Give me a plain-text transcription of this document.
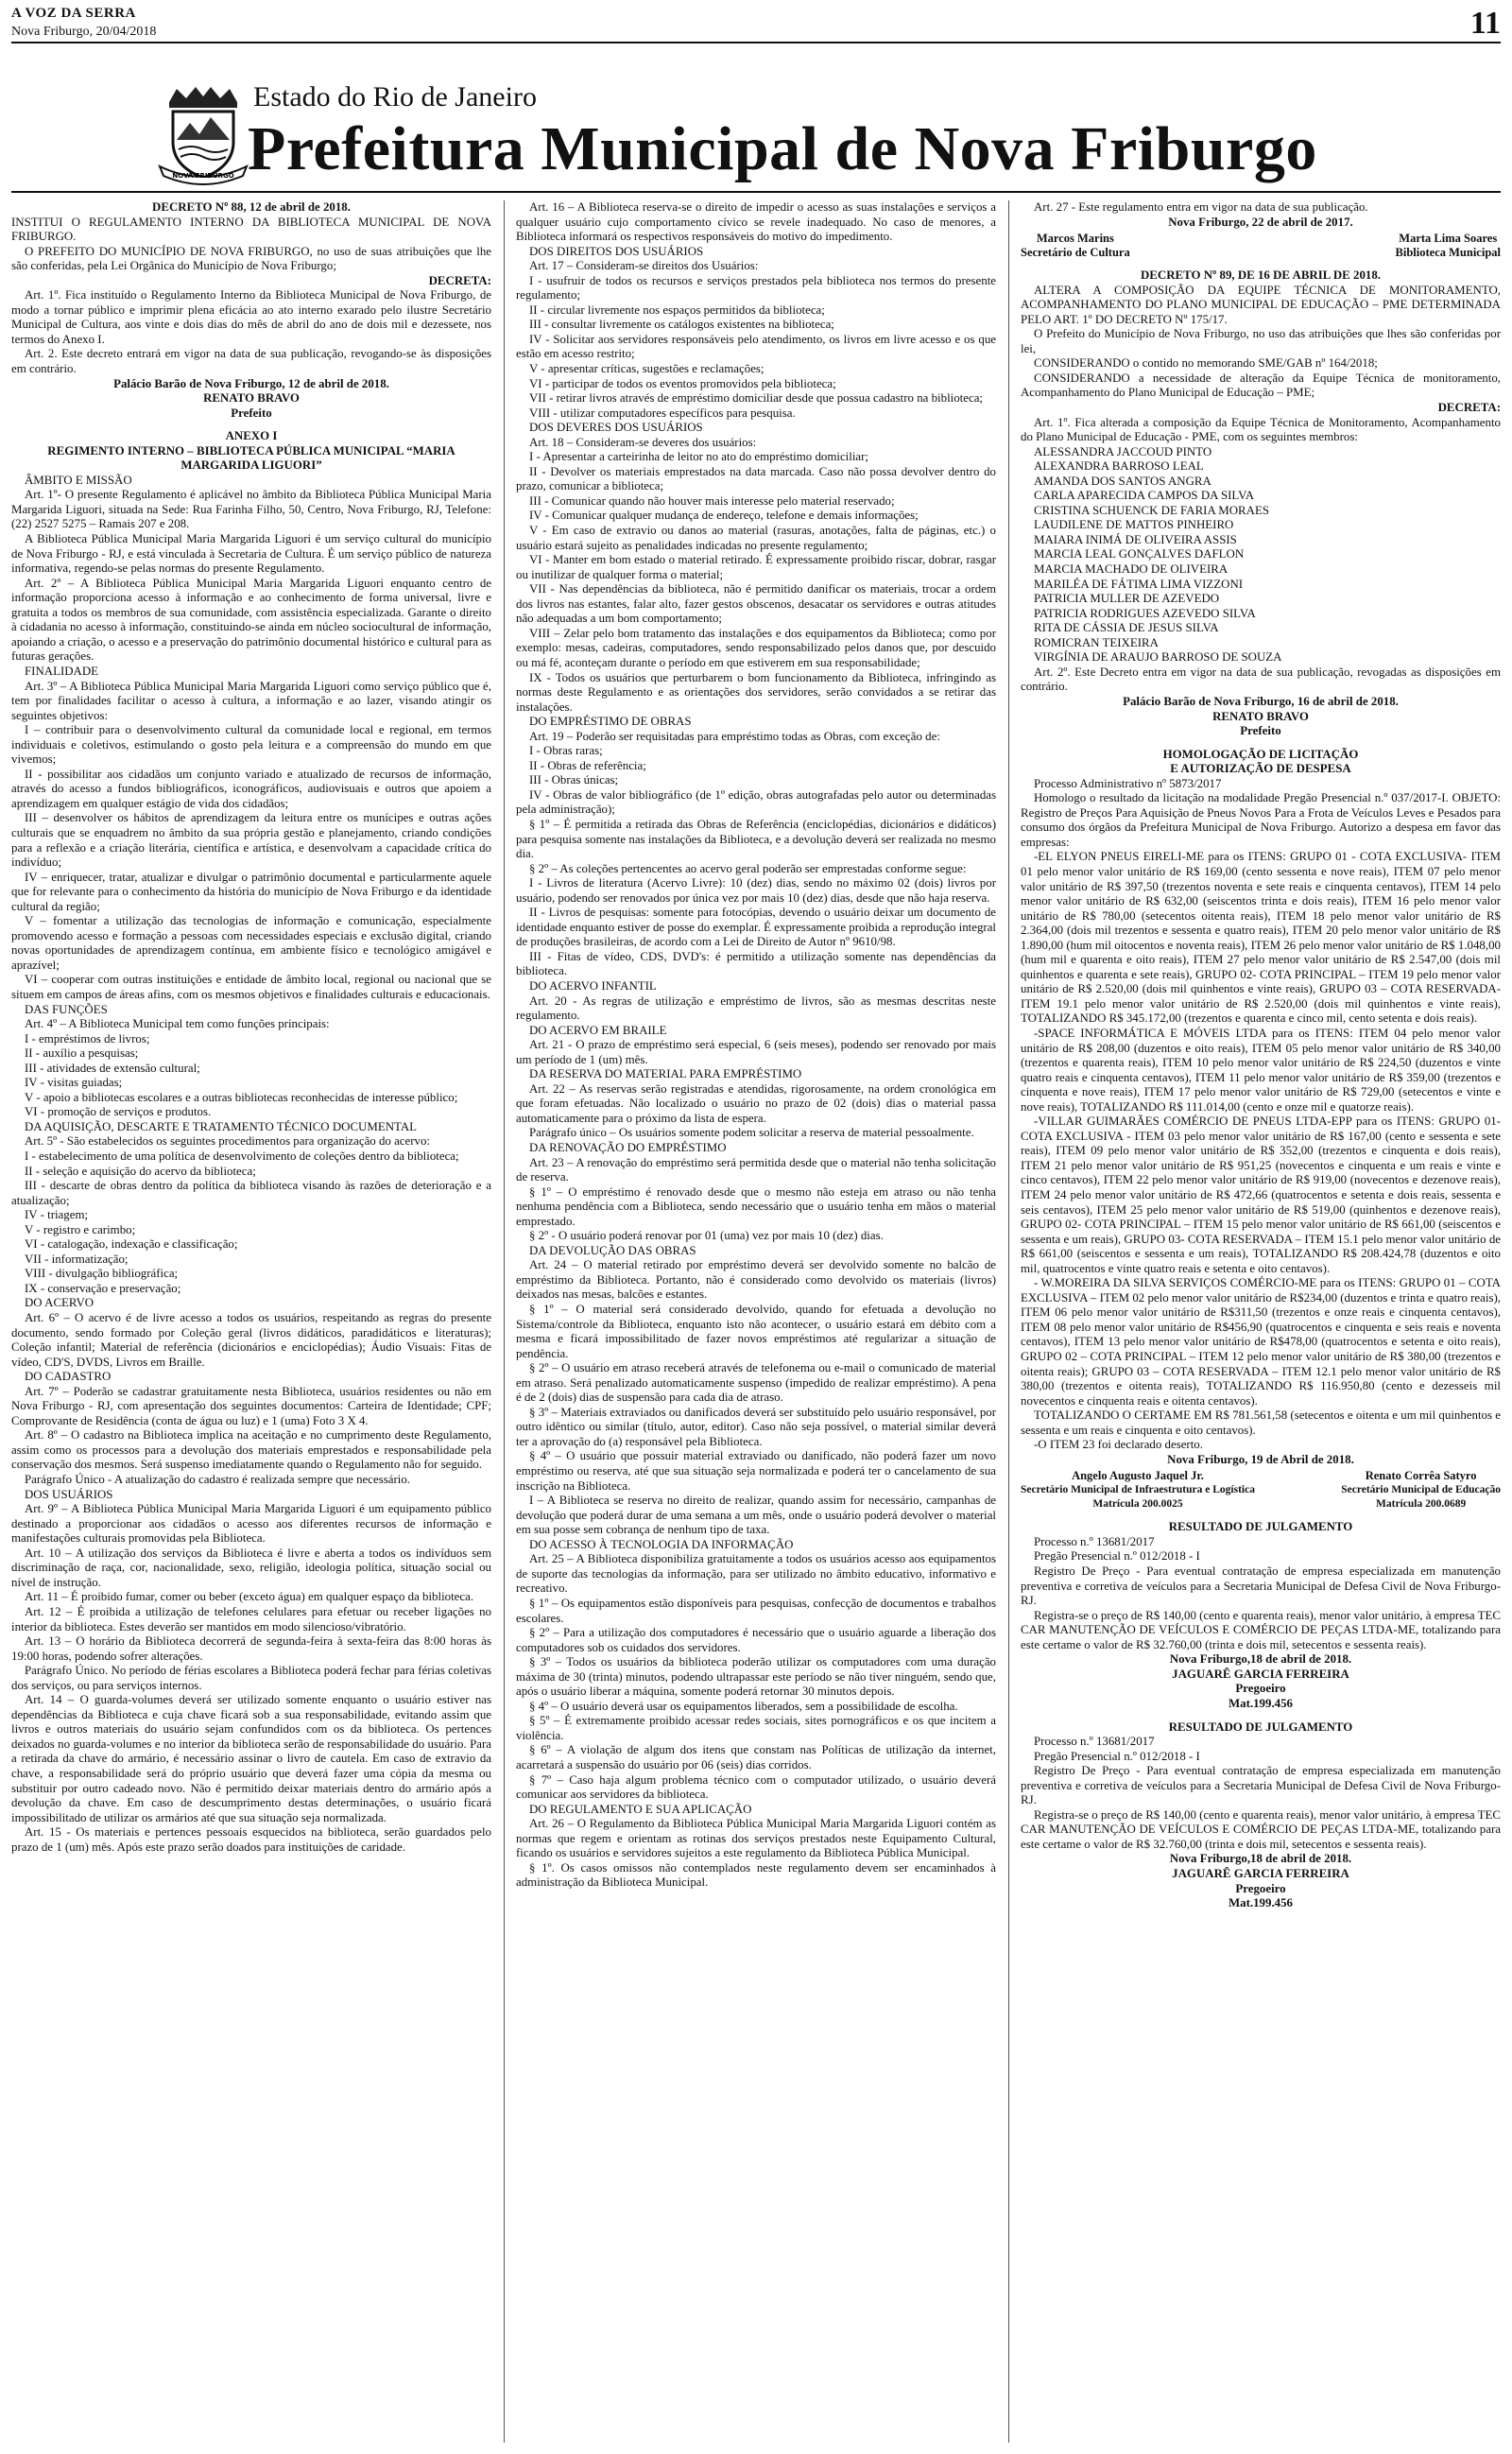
A VOZ DA SERRA
Nova Friburgo, 20/04/2018	11
NOVA FRIBURGO
Estado do Rio de Janeiro
Prefeitura Municipal de Nova Friburgo

DECRETO Nº 88, 12 de abril de 2018.

INSTITUI O REGULAMENTO INTERNO DA BIBLIOTECA MUNICIPAL DE NOVA FRIBURGO.

O PREFEITO DO MUNICÍPIO DE NOVA FRIBURGO, no uso de suas atribuições que lhe são conferidas, pela Lei Orgânica do Município de Nova Friburgo;

DECRETA:

Art. 1º. Fica instituído o Regulamento Interno da Biblioteca Municipal de Nova Friburgo, de modo a tornar público e imprimir plena eficácia ao ato interno exarado pelo ilustre Secretário Municipal de Cultura, aos vinte e dois dias do mês de abril do ano de dois mil e dezessete, nos termos do Anexo I.

Art. 2. Este decreto entrará em vigor na data de sua publicação, revogando-se às disposições em contrário.

Palácio Barão de Nova Friburgo, 12 de abril de 2018.

RENATO BRAVO

Prefeito

ANEXO I

REGIMENTO INTERNO – BIBLIOTECA PÚBLICA MUNICIPAL “MARIA MARGARIDA LIGUORI”

ÂMBITO E MISSÃO

Art. 1º- O presente Regulamento é aplicável no âmbito da Biblioteca Pública Municipal Maria Margarida Liguori, situada na Sede: Rua Farinha Filho, 50, Centro, Nova Friburgo, RJ, Telefone: (22) 2527 5275 – Ramais 207 e 208.

A Biblioteca Pública Municipal Maria Margarida Liguori é um serviço cultural do município de Nova Friburgo - RJ, e está vinculada à Secretaria de Cultura. É um serviço público de natureza informativa, regendo-se pelas normas do presente Regulamento.

Art. 2º – A Biblioteca Pública Municipal Maria Margarida Liguori enquanto centro de informação proporciona acesso à informação e ao conhecimento de forma universal, livre e gratuita a todos os membros de sua comunidade, com assistência especializada. Garante o direito à cidadania no acesso à informação, constituindo-se ainda em núcleo sociocultural de informação, apoiando a criação, o acesso e a preservação do patrimônio documental histórico e cultural para as futuras gerações.

FINALIDADE

Art. 3º – A Biblioteca Pública Municipal Maria Margarida Liguori como serviço público que é, tem por finalidades facilitar o acesso à cultura, a informação e ao lazer, visando atingir os seguintes objetivos:

I – contribuir para o desenvolvimento cultural da comunidade local e regional, em termos individuais e coletivos, estimulando o gosto pela leitura e a compreensão do mundo em que vivemos;

II - possibilitar aos cidadãos um conjunto variado e atualizado de recursos de informação, através do acesso a fundos bibliográficos, iconográficos, audiovisuais e outros que apoiem a aprendizagem em qualquer estágio de vida dos cidadãos;

III – desenvolver os hábitos de aprendizagem da leitura entre os munícipes e outras ações culturais que se enquadrem no âmbito da sua própria gestão e planejamento, criando condições para a reflexão e a criação literária, científica e artística, e desenvolvam a capacidade crítica do indivíduo;

IV – enriquecer, tratar, atualizar e divulgar o patrimônio documental e particularmente aquele que for relevante para o conhecimento da história do município de Nova Friburgo e da identidade cultural da região;

V – fomentar a utilização das tecnologias de informação e comunicação, especialmente promovendo acesso e formação a pessoas com necessidades especiais e exclusão digital, criando novas oportunidades de aprendizagem contínua, em ambiente físico e tecnológico amigável e aprazível;

VI – cooperar com outras instituições e entidade de âmbito local, regional ou nacional que se situem em campos de áreas afins, com os mesmos objetivos e finalidades culturais e educacionais.

DAS FUNÇÕES

Art. 4º – A Biblioteca Municipal tem como funções principais:

I - empréstimos de livros;

II - auxílio a pesquisas;

III - atividades de extensão cultural;

IV - visitas guiadas;

V - apoio a bibliotecas escolares e a outras bibliotecas reconhecidas de interesse público;

VI - promoção de serviços e produtos.

DA AQUISIÇÃO, DESCARTE E TRATAMENTO TÉCNICO DOCUMENTAL

Art. 5º - São estabelecidos os seguintes procedimentos para organização do acervo:

I - estabelecimento de uma política de desenvolvimento de coleções dentro da biblioteca;

II - seleção e aquisição do acervo da biblioteca;

III - descarte de obras dentro da política da biblioteca visando às razões de deterioração e a atualização;

IV - triagem;

V - registro e carimbo;

VI - catalogação, indexação e classificação;

VII - informatização;

VIII - divulgação bibliográfica;

IX - conservação e preservação;

DO ACERVO

Art. 6º – O acervo é de livre acesso a todos os usuários, respeitando as regras do presente documento, sendo formado por Coleção geral (livros didáticos, paradidáticos e literaturas); Coleção infantil; Material de referência (dicionários e enciclopédias); Áudio Visuais: Fitas de vídeo, CD'S, DVDS, Livros em Braille.

DO CADASTRO

Art. 7º – Poderão se cadastrar gratuitamente nesta Biblioteca, usuários residentes ou não em Nova Friburgo - RJ, com apresentação dos seguintes documentos: Carteira de Identidade; CPF; Comprovante de Residência (conta de água ou luz) e 1 (uma) Foto 3 X 4.

Art. 8º – O cadastro na Biblioteca implica na aceitação e no cumprimento deste Regulamento, assim como os processos para a devolução dos materiais emprestados e responsabilidade pela conservação dos mesmos. Será suspenso imediatamente quando o Regulamento não for seguido.

Parágrafo Único - A atualização do cadastro é realizada sempre que necessário.

DOS USUÁRIOS

Art. 9º – A Biblioteca Pública Municipal Maria Margarida Liguori é um equipamento público destinado a proporcionar aos cidadãos o acesso aos diferentes recursos de informação e manifestações culturais promovidas pela Biblioteca.

Art. 10 – A utilização dos serviços da Biblioteca é livre e aberta a todos os indivíduos sem discriminação de raça, cor, nacionalidade, sexo, religião, ideologia política, situação social ou nível de instrução.

Art. 11 – É proibido fumar, comer ou beber (exceto água) em qualquer espaço da biblioteca.

Art. 12 – É proibida a utilização de telefones celulares para efetuar ou receber ligações no interior da biblioteca. Estes deverão ser mantidos em modo silencioso/vibratório.

Art. 13 – O horário da Biblioteca decorrerá de segunda-feira à sexta-feira das 8:00 horas às 19:00 horas, podendo sofrer alterações.

Parágrafo Único. No período de férias escolares a Biblioteca poderá fechar para férias coletivas dos serviços, ou para serviços internos.

Art. 14 – O guarda-volumes deverá ser utilizado somente enquanto o usuário estiver nas dependências da Biblioteca e cuja chave ficará sob a sua responsabilidade, evitando assim que livros e outros materiais do usuário sejam confundidos com os da biblioteca. Os pertences deixados no guarda-volumes e no interior da biblioteca serão de responsabilidade do usuário. Para a retirada da chave do armário, é necessário assinar o livro de cautela. Em caso de extravio da chave, a responsabilidade será do próprio usuário que deverá fazer uma cópia da mesma ou substituir por outro cadeado novo. Não é permitido deixar materiais dentro do armário após a devolução da chave. Em caso de descumprimento destas determinações, o usuário ficará impossibilitado de utilizar os armários até que sua situação seja normalizada.

Art. 15 - Os materiais e pertences pessoais esquecidos na biblioteca, serão guardados pelo prazo de 1 (um) mês. Após este prazo serão doados para instituições de caridade.

Art. 16 – A Biblioteca reserva-se o direito de impedir o acesso as suas instalações e serviços a qualquer usuário cujo comportamento cívico se revele inadequado. No caso de menores, a Biblioteca informará os respectivos responsáveis do motivo do impedimento.

DOS DIREITOS DOS USUÁRIOS

Art. 17 – Consideram-se direitos dos Usuários:

I - usufruir de todos os recursos e serviços prestados pela biblioteca nos termos do presente regulamento;

II - circular livremente nos espaços permitidos da biblioteca;

III - consultar livremente os catálogos existentes na biblioteca;

IV - Solicitar aos servidores responsáveis pelo atendimento, os livros em livre acesso e os que estão em acesso restrito;

V - apresentar críticas, sugestões e reclamações;

VI - participar de todos os eventos promovidos pela biblioteca;

VII - retirar livros através de empréstimo domiciliar desde que possua cadastro na biblioteca;

VIII - utilizar computadores específicos para pesquisa.

DOS DEVERES DOS USUÁRIOS

Art. 18 – Consideram-se deveres dos usuários:

I - Apresentar a carteirinha de leitor no ato do empréstimo domiciliar;

II - Devolver os materiais emprestados na data marcada. Caso não possa devolver dentro do prazo, comunicar a biblioteca;

III - Comunicar quando não houver mais interesse pelo material reservado;

IV - Comunicar qualquer mudança de endereço, telefone e demais informações;

V - Em caso de extravio ou danos ao material (rasuras, anotações, falta de páginas, etc.) o usuário estará sujeito as penalidades indicadas no presente regulamento;

VI - Manter em bom estado o material retirado. É expressamente proibido riscar, dobrar, rasgar ou inutilizar de qualquer forma o material;

VII - Nas dependências da biblioteca, não é permitido danificar os materiais, trocar a ordem dos livros nas estantes, falar alto, fazer gestos obscenos, desacatar os servidores e outras atitudes não adequadas a um bom comportamento;

VIII – Zelar pelo bom tratamento das instalações e dos equipamentos da Biblioteca; como por exemplo: mesas, cadeiras, computadores, sendo responsabilizado pelos danos que, por descuido ou má fé, aconteçam durante o período em que estiverem em sua responsabilidade;

IX - Todos os usuários que perturbarem o bom funcionamento da Biblioteca, infringindo as normas deste Regulamento e as orientações dos servidores, serão convidados a se retirar das instalações.

DO EMPRÉSTIMO DE OBRAS

Art. 19 – Poderão ser requisitadas para empréstimo todas as Obras, com exceção de:

I - Obras raras;

II - Obras de referência;

III - Obras únicas;

IV - Obras de valor bibliográfico (de 1º edição, obras autografadas pelo autor ou determinadas pela administração);

§ 1º – É permitida a retirada das Obras de Referência (enciclopédias, dicionários e didáticos) para pesquisa somente nas instalações da Biblioteca, e a devolução deverá ser realizada no mesmo dia.

§ 2º – As coleções pertencentes ao acervo geral poderão ser emprestadas conforme segue:

I - Livros de literatura (Acervo Livre): 10 (dez) dias, sendo no máximo 02 (dois) livros por usuário, podendo ser renovados por única vez por mais 10 (dez) dias, desde que não haja reserva.

II - Livros de pesquisas: somente para fotocópias, devendo o usuário deixar um documento de identidade enquanto estiver de posse do exemplar. É expressamente proibida a reprodução integral de produções brasileiras, de acordo com a Lei de Direito de Autor nº 9610/98.

III - Fitas de vídeo, CDS, DVD's: é permitido a utilização somente nas dependências da biblioteca.

DO ACERVO INFANTIL

Art. 20 - As regras de utilização e empréstimo de livros, são as mesmas descritas neste regulamento.

DO ACERVO EM BRAILE

Art. 21 - O prazo de empréstimo será especial, 6 (seis meses), podendo ser renovado por mais um período de 1 (um) mês.

DA RESERVA DO MATERIAL PARA EMPRÉSTIMO

Art. 22 – As reservas serão registradas e atendidas, rigorosamente, na ordem cronológica em que foram efetuadas. Não localizado o usuário no prazo de 02 (dois) dias o material passa automaticamente para o próximo da lista de espera.

Parágrafo único – Os usuários somente podem solicitar a reserva de material pessoalmente.

DA RENOVAÇÃO DO EMPRÉSTIMO

Art. 23 – A renovação do empréstimo será permitida desde que o material não tenha solicitação de reserva.

§ 1º – O empréstimo é renovado desde que o mesmo não esteja em atraso ou não tenha nenhuma pendência com a Biblioteca, sendo necessário que o usuário tenha em mãos o material emprestado.

§ 2º - O usuário poderá renovar por 01 (uma) vez por mais 10 (dez) dias.

DA DEVOLUÇÃO DAS OBRAS

Art. 24 – O material retirado por empréstimo deverá ser devolvido somente no balcão de empréstimo da Biblioteca. Portanto, não é considerado como devolvido os materiais (livros) deixados nas mesas, balcões e estantes.

§ 1º – O material será considerado devolvido, quando for efetuada a devolução no Sistema/controle da Biblioteca, enquanto isto não acontecer, o usuário estará em débito com a mesma e ficará impossibilitado de fazer novos empréstimos até regularizar a situação de pendência.

§ 2º – O usuário em atraso receberá através de telefonema ou e-mail o comunicado de material em atraso. Será penalizado automaticamente suspenso (impedido de realizar empréstimo). A pena é de 2 (dois) dias de suspensão para cada dia de atraso.

§ 3º – Materiais extraviados ou danificados deverá ser substituído pelo usuário responsável, por outro idêntico ou similar (título, autor, editor). Caso não seja possível, o material similar deverá ter a aprovação do (a) responsável pela Biblioteca.

§ 4º – O usuário que possuir material extraviado ou danificado, não poderá fazer um novo empréstimo ou reserva, até que sua situação seja normalizada e poderá ter o cancelamento de sua inscrição na Biblioteca.

I – A Biblioteca se reserva no direito de realizar, quando assim for necessário, campanhas de devolução que poderá durar de uma semana a um mês, onde o usuário poderá devolver o material em sua posse sem cobrança de nenhum tipo de taxa.

DO ACESSO À TECNOLOGIA DA INFORMAÇÃO

Art. 25 – A Biblioteca disponibiliza gratuitamente a todos os usuários acesso aos equipamentos de suporte das tecnologias da informação, para ser utilizado no âmbito educativo, informativo e recreativo.

§ 1º – Os equipamentos estão disponíveis para pesquisas, confecção de documentos e trabalhos escolares.

§ 2º – Para a utilização dos computadores é necessário que o usuário aguarde a liberação dos computadores sob os cuidados dos servidores.

§ 3º – Todos os usuários da biblioteca poderão utilizar os computadores com uma duração máxima de 30 (trinta) minutos, podendo ultrapassar este período se não tiver ninguém, sendo que, após o usuário liberar a máquina, somente poderá retornar 30 minutos depois.

§ 4º – O usuário deverá usar os equipamentos liberados, sem a possibilidade de escolha.

§ 5º – É extremamente proibido acessar redes sociais, sites pornográficos e os que incitem a violência.

§ 6º – A violação de algum dos itens que constam nas Políticas de utilização da internet, acarretará a suspensão do usuário por 06 (seis) dias corridos.

§ 7º – Caso haja algum problema técnico com o computador utilizado, o usuário deverá comunicar aos servidores da biblioteca.

DO REGULAMENTO E SUA APLICAÇÃO

Art. 26 – O Regulamento da Biblioteca Pública Municipal Maria Margarida Liguori contém as normas que regem e orientam as rotinas dos serviços prestados neste Equipamento Cultural, ficando os usuários e servidores sujeitos a este regulamento da Biblioteca Pública Municipal.

§ 1º. Os casos omissos não contemplados neste regulamento devem ser encaminhados à administração da Biblioteca Municipal.

Art. 27 - Este regulamento entra em vigor na data de sua publicação.

Nova Friburgo, 22 de abril de 2017.

Marcos Marins

Secretário de Cultura

Marta Lima Soares

Biblioteca Municipal

DECRETO Nº 89, DE 16 DE ABRIL DE 2018.

ALTERA A COMPOSIÇÃO DA EQUIPE TÉCNICA DE MONITORAMENTO, ACOMPANHAMENTO DO PLANO MUNICIPAL DE EDUCAÇÃO – PME DETERMINADA PELO ART. 1º DO DECRETO Nº 175/17.

O Prefeito do Município de Nova Friburgo, no uso das atribuições que lhes são conferidas por lei,

CONSIDERANDO o contido no memorando SME/GAB nº 164/2018;

CONSIDERANDO a necessidade de alteração da Equipe Técnica de monitoramento, Acompanhamento do Plano Municipal de Educação – PME;

DECRETA:

Art. 1º. Fica alterada a composição da Equipe Técnica de Monitoramento, Acompanhamento do Plano Municipal de Educação - PME, com os seguintes membros:

ALESSANDRA JACCOUD PINTO

ALEXANDRA BARROSO LEAL

AMANDA DOS SANTOS ANGRA

CARLA APARECIDA CAMPOS DA SILVA

CRISTINA SCHUENCK DE FARIA MORAES

LAUDILENE DE MATTOS PINHEIRO

MAIARA INIMÁ DE OLIVEIRA ASSIS

MARCIA LEAL GONÇALVES DAFLON

MARCIA MACHADO DE OLIVEIRA

MARILÉA DE FÁTIMA LIMA VIZZONI

PATRICIA MULLER DE AZEVEDO

PATRICIA RODRIGUES AZEVEDO SILVA

RITA DE CÁSSIA DE JESUS SILVA

ROMICRAN TEIXEIRA

VIRGÍNIA DE ARAUJO BARROSO DE SOUZA

Art. 2º. Este Decreto entra em vigor na data de sua publicação, revogadas as disposições em contrário.

Palácio Barão de Nova Friburgo, 16 de abril de 2018.

RENATO BRAVO

Prefeito

HOMOLOGAÇÃO DE LICITAÇÃO

E AUTORIZAÇÃO DE DESPESA

Processo Administrativo nº 5873/2017

Homologo o resultado da licitação na modalidade Pregão Presencial n.º 037/2017-I. OBJETO: Registro de Preços Para Aquisição de Pneus Novos Para a Frota de Veículos Leves e Pesados para consumo dos órgãos da Prefeitura Municipal de Nova Friburgo. Autorizo a despesa em favor das empresas:

-EL ELYON PNEUS EIRELI-ME para os ITENS: GRUPO 01 - COTA EXCLUSIVA- ITEM 01 pelo menor valor unitário de R$ 169,00 (cento sessenta e nove reais), ITEM 07 pelo menor valor unitário de R$ 397,50 (trezentos noventa e sete reais e cinquenta centavos), ITEM 14 pelo menor valor unitário de R$ 632,00 (seiscentos trinta e dois reais), ITEM 16 pelo menor valor unitário de R$ 780,00 (setecentos oitenta reais), ITEM 18 pelo menor valor unitário de R$ 2.364,00 (dois mil trezentos e sessenta e quatro reais), ITEM 20 pelo menor valor unitário de R$ 1.890,00 (hum mil oitocentos e noventa reais), ITEM 26 pelo menor valor unitário de R$ 1.048,00 (hum mil e quarenta e oito reais), ITEM 27 pelo menor valor unitário de R$ 2.547,00 (dois mil quinhentos e quarenta e sete reais), GRUPO 02- COTA PRINCIPAL – ITEM 19 pelo menor valor unitário de R$ 2.520,00 (dois mil quinhentos e vinte reais), GRUPO 03 – COTA RESERVADA- ITEM 19.1 pelo menor valor unitário de R$ 2.520,00 (dois mil quinhentos e vinte reais), TOTALIZANDO R$ 345.172,00 (trezentos e quarenta e cinco mil, cento setenta e dois reais).

-SPACE INFORMÁTICA E MÓVEIS LTDA para os ITENS: ITEM 04 pelo menor valor unitário de R$ 208,00 (duzentos e oito reais), ITEM 05 pelo menor valor unitário de R$ 340,00 (trezentos e quarenta reais), ITEM 10 pelo menor valor unitário de R$ 224,50 (duzentos e vinte quatro reais e cinquenta centavos), ITEM 11 pelo menor valor unitário de R$ 359,00 (trezentos e cinquenta e nove reais), ITEM 17 pelo menor valor unitário de R$ 729,00 (setecentos e vinte e nove reais), TOTALIZANDO R$ 111.014,00 (cento e onze mil e quatorze reais).

-VILLAR GUIMARÃES COMÉRCIO DE PNEUS LTDA-EPP para os ITENS: GRUPO 01- COTA EXCLUSIVA - ITEM 03 pelo menor valor unitário de R$ 167,00 (cento e sessenta e sete reais), ITEM 09 pelo menor valor unitário de R$ 352,00 (trezentos e cinquenta e dois reais), ITEM 21 pelo menor valor unitário de R$ 951,25 (novecentos e cinquenta e um reais e vinte e cinco centavos), ITEM 22 pelo menor valor unitário de R$ 919,00 (novecentos e dezenove reais), ITEM 24 pelo menor valor unitário de R$ 472,66 (quatrocentos e setenta e dois reais, sessenta e seis centavos), ITEM 25 pelo menor valor unitário de R$ 519,00 (quinhentos e dezenove reais), GRUPO 02- COTA PRINCIPAL – ITEM 15 pelo menor valor unitário de R$ 661,00 (seiscentos e sessenta e um reais), GRUPO 03- COTA RESERVADA – ITEM 15.1 pelo menor valor unitário de R$ 661,00 (seiscentos e sessenta e um reais), TOTALIZANDO R$ 208.424,78 (duzentos e oito mil, quatrocentos e vinte quatro reais e setenta e oito centavos).

- W.MOREIRA DA SILVA SERVIÇOS COMÉRCIO-ME para os ITENS: GRUPO 01 – COTA EXCLUSIVA – ITEM 02 pelo menor valor unitário de R$234,00 (duzentos e trinta e quatro reais), ITEM 06 pelo menor valor unitário de R$311,50 (trezentos e onze reais e cinquenta centavos), ITEM 08 pelo menor valor unitário de R$456,90 (quatrocentos e cinquenta e seis reais e noventa centavos), ITEM 13 pelo menor valor unitário de R$478,00 (quatrocentos e setenta e oito reais), GRUPO 02 – COTA PRINCIPAL – ITEM 12 pelo menor valor unitário de R$ 380,00 (trezentos e oitenta reais); GRUPO 03 – COTA RESERVADA – ITEM 12.1 pelo menor valor unitário de R$ 380,00 (trezentos e oitenta reais), TOTALIZANDO R$ 116.950,80 (cento e dezesseis mil novecentos e cinquenta reais e oitenta centavos).

TOTALIZANDO O CERTAME EM R$ 781.561,58 (setecentos e oitenta e um mil quinhentos e sessenta e um reais e cinquenta e oito centavos).

-O ITEM 23 foi declarado deserto.

Nova Friburgo, 19 de Abril de 2018.

Angelo Augusto Jaquel Jr.

Secretário Municipal de Infraestrutura e Logística

Matrícula 200.0025

Renato Corrêa Satyro

Secretário Municipal de Educação

Matrícula 200.0689

RESULTADO DE JULGAMENTO

Processo n.º 13681/2017

Pregão Presencial n.º 012/2018 - I

Registro De Preço - Para eventual contratação de empresa especializada em manutenção preventiva e corretiva de veículos para a Secretaria Municipal de Defesa Civil de Nova Friburgo- RJ.

Registra-se o preço de R$ 140,00 (cento e quarenta reais), menor valor unitário, à empresa TEC CAR MANUTENÇÃO DE VEÍCULOS E COMÉRCIO DE PEÇAS LTDA-ME, totalizando para este certame o valor de R$ 32.760,00 (trinta e dois mil, setecentos e sessenta reais).

Nova Friburgo,18 de abril de 2018.

JAGUARÊ GARCIA FERREIRA

Pregoeiro

Mat.199.456

RESULTADO DE JULGAMENTO

Processo n.º 13681/2017

Pregão Presencial n.º 012/2018 - I

Registro De Preço - Para eventual contratação de empresa especializada em manutenção preventiva e corretiva de veículos para a Secretaria Municipal de Defesa Civil de Nova Friburgo- RJ.

Registra-se o preço de R$ 140,00 (cento e quarenta reais), menor valor unitário, à empresa TEC CAR MANUTENÇÃO DE VEÍCULOS E COMÉRCIO DE PEÇAS LTDA-ME, totalizando para este certame o valor de R$ 32.760,00 (trinta e dois mil, setecentos e sessenta reais).

Nova Friburgo,18 de abril de 2018.

JAGUARÊ GARCIA FERREIRA

Pregoeiro

Mat.199.456
